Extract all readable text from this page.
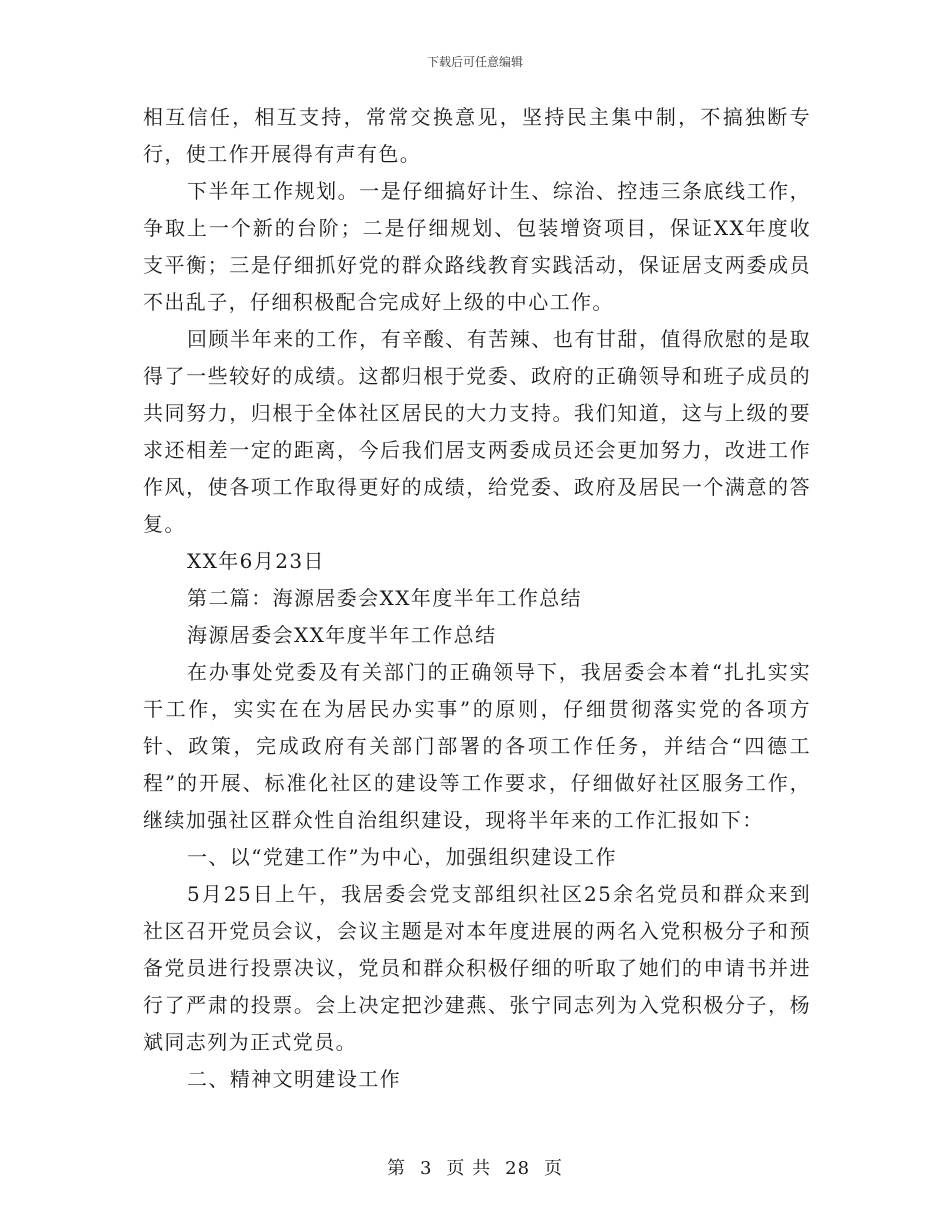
下载后可任意编辑

相互信任，相互支持，常常交换意见，坚持民主集中制，不搞独断专行，使工作开展得有声有色。

下半年工作规划。一是仔细搞好计生、综治、控违三条底线工作，争取上一个新的台阶；二是仔细规划、包装增资项目，保证XX年度收支平衡；三是仔细抓好党的群众路线教育实践活动，保证居支两委成员不出乱子，仔细积极配合完成好上级的中心工作。

回顾半年来的工作，有辛酸、有苦辣、也有甘甜，值得欣慰的是取得了一些较好的成绩。这都归根于党委、政府的正确领导和班子成员的共同努力，归根于全体社区居民的大力支持。我们知道，这与上级的要求还相差一定的距离，今后我们居支两委成员还会更加努力，改进工作作风，使各项工作取得更好的成绩，给党委、政府及居民一个满意的答复。

XX年6月23日

第二篇：海源居委会XX年度半年工作总结

海源居委会XX年度半年工作总结

在办事处党委及有关部门的正确领导下，我居委会本着“扎扎实实干工作，实实在在为居民办实事”的原则，仔细贯彻落实党的各项方针、政策，完成政府有关部门部署的各项工作任务，并结合“四德工程”的开展、标准化社区的建设等工作要求，仔细做好社区服务工作，继续加强社区群众性自治组织建设，现将半年来的工作汇报如下：

一、以“党建工作”为中心，加强组织建设工作

5月25日上午，我居委会党支部组织社区25余名党员和群众来到社区召开党员会议，会议主题是对本年度进展的两名入党积极分子和预备党员进行投票决议，党员和群众积极仔细的听取了她们的申请书并进行了严肃的投票。会上决定把沙建燕、张宁同志列为入党积极分子，杨斌同志列为正式党员。

二、精神文明建设工作

第 3 页 共 28 页
